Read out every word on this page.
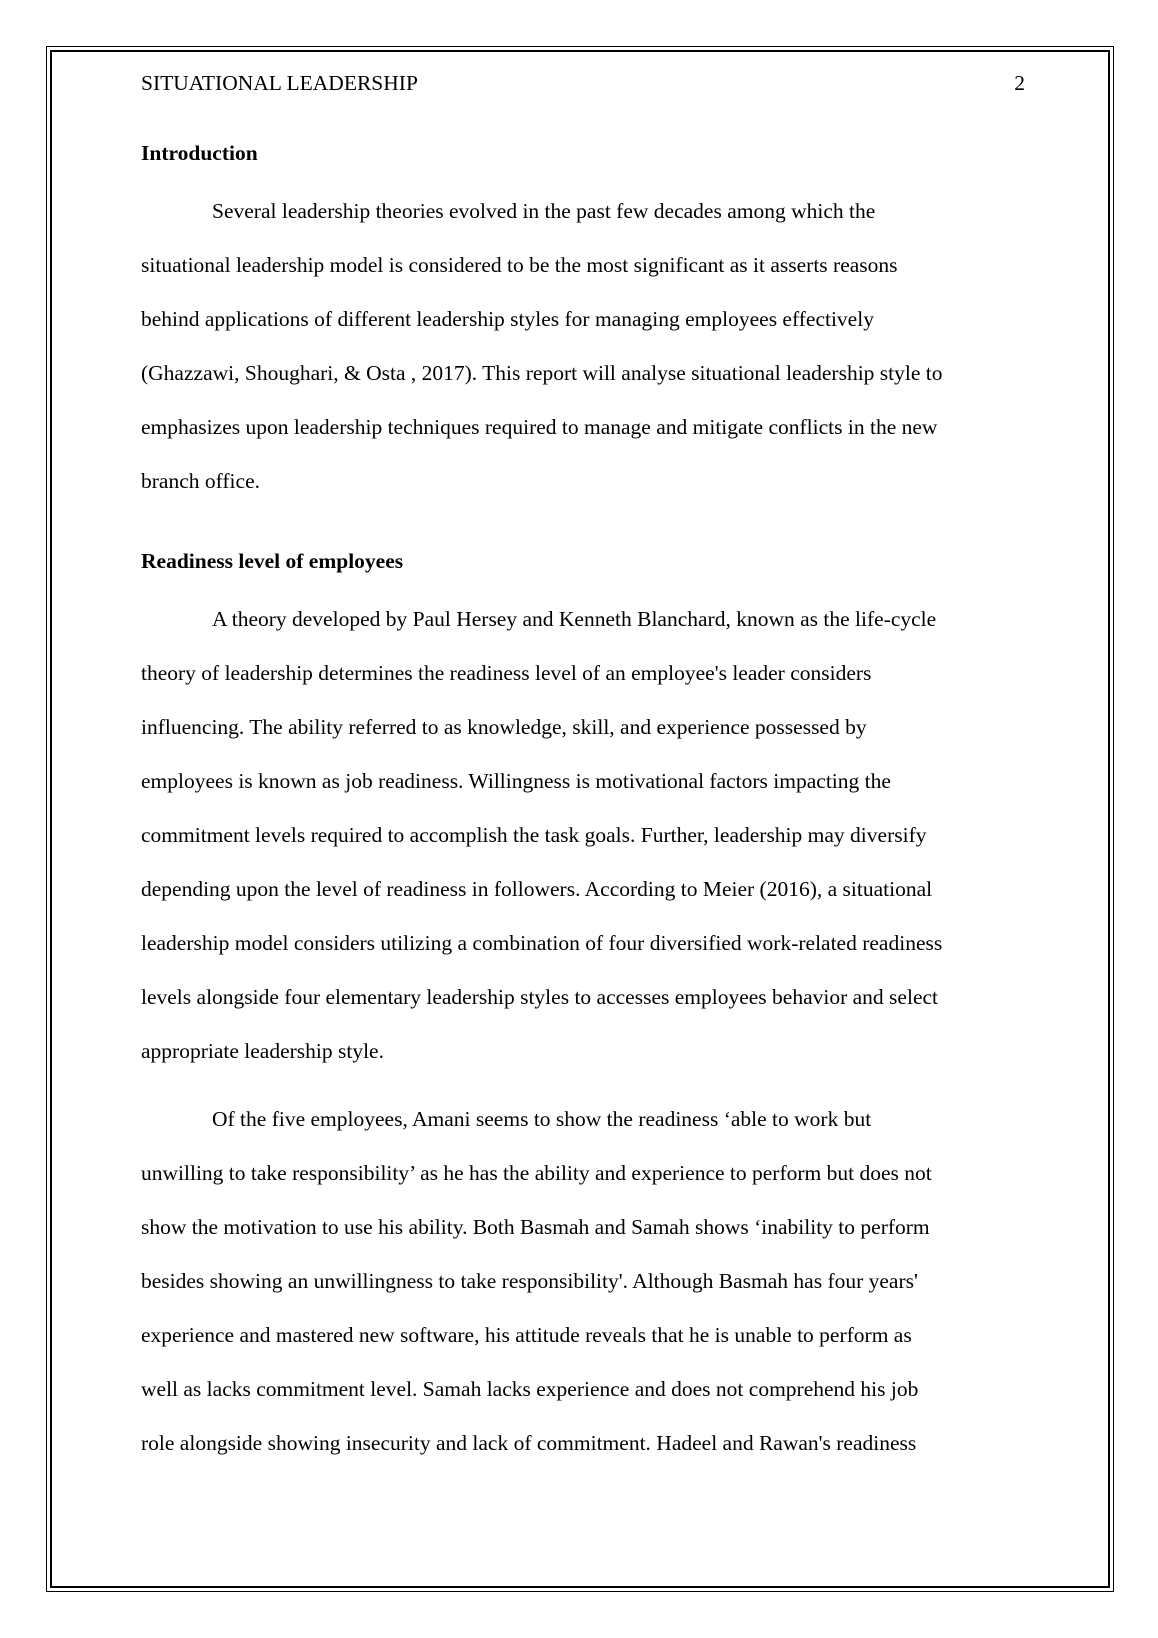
SITUATIONAL LEADERSHIP	2
Introduction

Several leadership theories evolved in the past few decades among which the
situational leadership model is considered to be the most significant as it asserts reasons
behind applications of different leadership styles for managing employees effectively
(Ghazzawi, Shoughari, & Osta , 2017). This report will analyse situational leadership style to
emphasizes upon leadership techniques required to manage and mitigate conflicts in the new
branch office.

Readiness level of employees

A theory developed by Paul Hersey and Kenneth Blanchard, known as the life-cycle
theory of leadership determines the readiness level of an employee's leader considers
influencing. The ability referred to as knowledge, skill, and experience possessed by
employees is known as job readiness. Willingness is motivational factors impacting the
commitment levels required to accomplish the task goals. Further, leadership may diversify
depending upon the level of readiness in followers. According to Meier (2016), a situational
leadership model considers utilizing a combination of four diversified work-related readiness
levels alongside four elementary leadership styles to accesses employees behavior and select
appropriate leadership style.

Of the five employees, Amani seems to show the readiness ‘able to work but
unwilling to take responsibility’ as he has the ability and experience to perform but does not
show the motivation to use his ability. Both Basmah and Samah shows ‘inability to perform
besides showing an unwillingness to take responsibility'. Although Basmah has four years'
experience and mastered new software, his attitude reveals that he is unable to perform as
well as lacks commitment level. Samah lacks experience and does not comprehend his job
role alongside showing insecurity and lack of commitment. Hadeel and Rawan's readiness
